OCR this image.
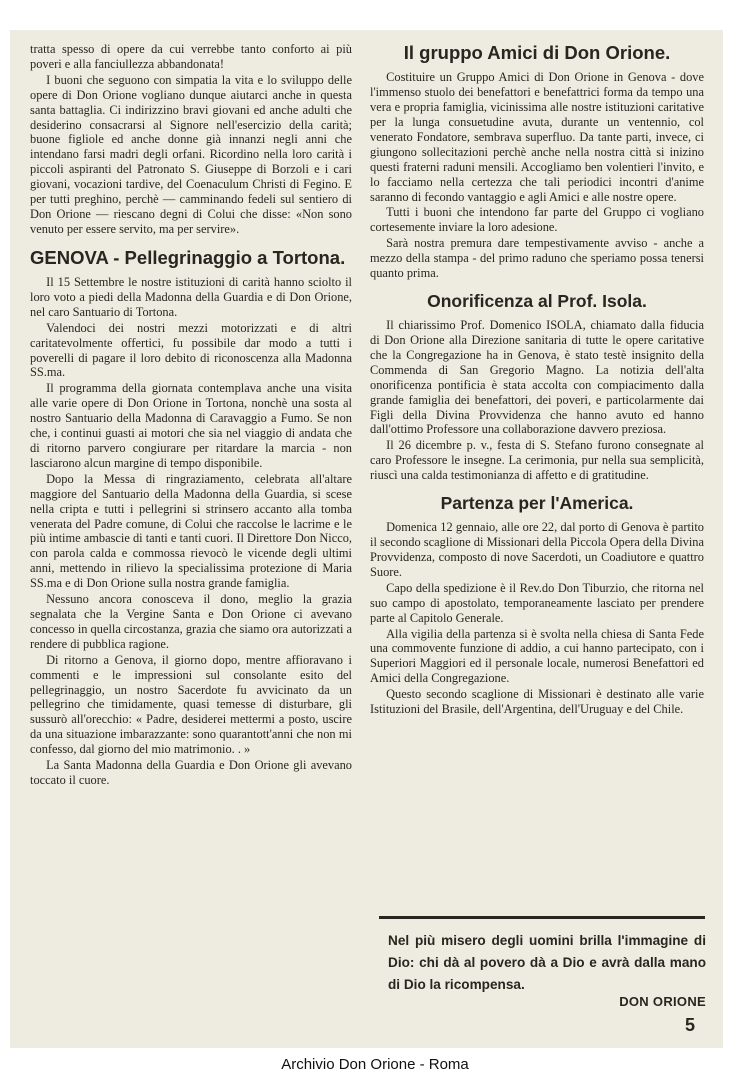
tratta spesso di opere da cui verrebbe tanto conforto ai più poveri e alla fanciullezza abbandonata!

I buoni che seguono con simpatia la vita e lo sviluppo delle opere di Don Orione vogliano dunque aiutarci anche in questa santa battaglia. Ci indirizzino bravi giovani ed anche adulti che desiderino consacrarsi al Signore nell'esercizio della carità; buone figliole ed anche donne già innanzi negli anni che intendano farsi madri degli orfani. Ricordino nella loro carità i piccoli aspiranti del Patronato S. Giuseppe di Borzoli e i cari giovani, vocazioni tardive, del Coenaculum Christi di Fegino. E per tutti preghino, perchè — camminando fedeli sul sentiero di Don Orione — riescano degni di Colui che disse: «Non sono venuto per essere servito, ma per servire».

GENOVA - Pellegrinaggio a Tortona.

Il 15 Settembre le nostre istituzioni di carità hanno sciolto il loro voto a piedi della Madonna della Guardia e di Don Orione, nel caro Santuario di Tortona.

Valendoci dei nostri mezzi motorizzati e di altri caritatevolmente offertici, fu possibile dar modo a tutti i poverelli di pagare il loro debito di riconoscenza alla Madonna SS.ma.

Il programma della giornata contemplava anche una visita alle varie opere di Don Orione in Tortona, nonchè una sosta al nostro Santuario della Madonna di Caravaggio a Fumo. Se non che, i continui guasti ai motori che sia nel viaggio di andata che di ritorno parvero congiurare per ritardare la marcia - non lasciarono alcun margine di tempo disponibile.

Dopo la Messa di ringraziamento, celebrata all'altare maggiore del Santuario della Madonna della Guardia, si scese nella cripta e tutti i pellegrini si strinsero accanto alla tomba venerata del Padre comune, di Colui che raccolse le lacrime e le più intime ambascie di tanti e tanti cuori. Il Direttore Don Nicco, con parola calda e commossa rievocò le vicende degli ultimi anni, mettendo in rilievo la specialissima protezione di Maria SS.ma e di Don Orione sulla nostra grande famiglia.

Nessuno ancora conosceva il dono, meglio la grazia segnalata che la Vergine Santa e Don Orione ci avevano concesso in quella circostanza, grazia che siamo ora autorizzati a rendere di pubblica ragione.

Di ritorno a Genova, il giorno dopo, mentre affioravano i commenti e le impressioni sul consolante esito del pellegrinaggio, un nostro Sacerdote fu avvicinato da un pellegrino che timidamente, quasi temesse di disturbare, gli sussurò all'orecchio: « Padre, desiderei mettermi a posto, uscire da una situazione imbarazzante: sono quarantott'anni che non mi confesso, dal giorno del mio matrimonio. . »

La Santa Madonna della Guardia e Don Orione gli avevano toccato il cuore.

Il gruppo Amici di Don Orione.

Costituire un Gruppo Amici di Don Orione in Genova - dove l'immenso stuolo dei benefattori e benefattrici forma da tempo una vera e propria famiglia, vicinissima alle nostre istituzioni caritative per la lunga consuetudine avuta, durante un ventennio, col venerato Fondatore, sembrava superfluo. Da tante parti, invece, ci giungono sollecitazioni perchè anche nella nostra città si inizino questi fraterni raduni mensili. Accogliamo ben volentieri l'invito, e lo facciamo nella certezza che tali periodici incontri d'anime saranno di fecondo vantaggio e agli Amici e alle nostre opere.

Tutti i buoni che intendono far parte del Gruppo ci vogliano cortesemente inviare la loro adesione.

Sarà nostra premura dare tempestivamente avviso - anche a mezzo della stampa - del primo raduno che speriamo possa tenersi quanto prima.

Onorificenza al Prof. Isola.

Il chiarissimo Prof. Domenico ISOLA, chiamato dalla fiducia di Don Orione alla Direzione sanitaria di tutte le opere caritative che la Congregazione ha in Genova, è stato testè insignito della Commenda di San Gregorio Magno. La notizia dell'alta onorificenza pontificia è stata accolta con compiacimento dalla grande famiglia dei benefattori, dei poveri, e particolarmente dai Figli della Divina Provvidenza che hanno avuto ed hanno dall'ottimo Professore una collaborazione davvero preziosa.

Il 26 dicembre p. v., festa di S. Stefano furono consegnate al caro Professore le insegne. La cerimonia, pur nella sua semplicità, riuscì una calda testimonianza di affetto e di gratitudine.

Partenza per l'America.

Domenica 12 gennaio, alle ore 22, dal porto di Genova è partito il secondo scaglione di Missionari della Piccola Opera della Divina Provvidenza, composto di nove Sacerdoti, un Coadiutore e quattro Suore.

Capo della spedizione è il Rev.do Don Tiburzio, che ritorna nel suo campo di apostolato, temporaneamente lasciato per prendere parte al Capitolo Generale.

Alla vigilia della partenza si è svolta nella chiesa di Santa Fede una commovente funzione di addio, a cui hanno partecipato, con i Superiori Maggiori ed il personale locale, numerosi Benefattori ed Amici della Congregazione.

Questo secondo scaglione di Missionari è destinato alle varie Istituzioni del Brasile, dell'Argentina, dell'Uruguay e del Chile.

Nel più misero degli uomini brilla l'immagine di Dio: chi dà al povero dà a Dio e avrà dalla mano di Dio la ricompensa.

DON ORIONE

5
Archivio Don Orione - Roma
